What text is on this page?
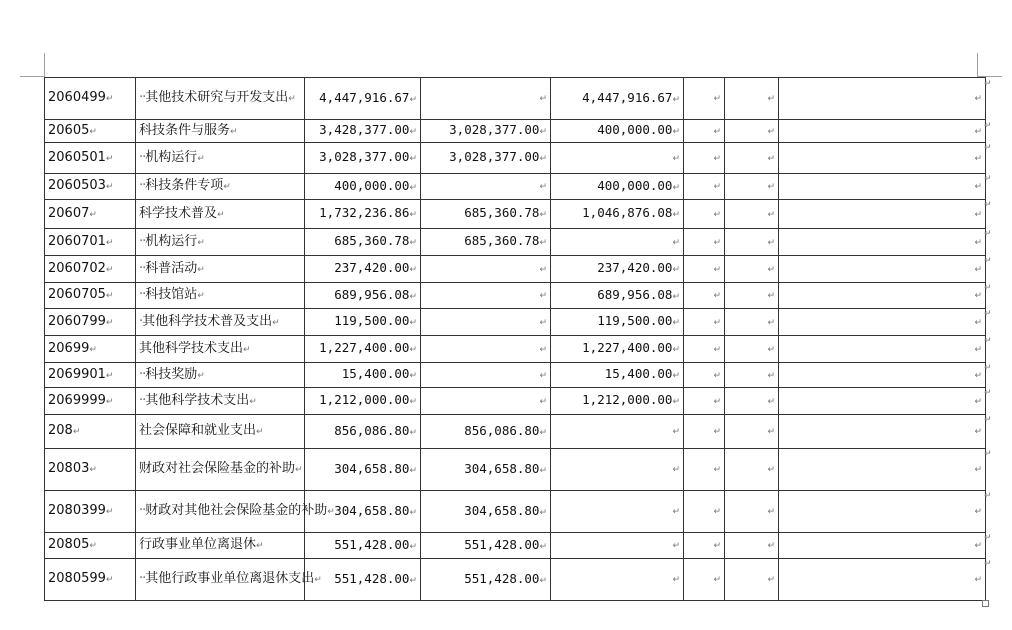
2060499↵	··其他技术研究与开发支出↵	4,447,916.67↵	↵	4,447,916.67↵	↵	↵	↵
20605↵	科技条件与服务↵	3,428,377.00↵	3,028,377.00↵	400,000.00↵	↵	↵	↵
2060501↵	··机构运行↵	3,028,377.00↵	3,028,377.00↵	↵	↵	↵	↵
2060503↵	··科技条件专项↵	400,000.00↵	↵	400,000.00↵	↵	↵	↵
20607↵	科学技术普及↵	1,732,236.86↵	685,360.78↵	1,046,876.08↵	↵	↵	↵
2060701↵	··机构运行↵	685,360.78↵	685,360.78↵	↵	↵	↵	↵
2060702↵	··科普活动↵	237,420.00↵	↵	237,420.00↵	↵	↵	↵
2060705↵	··科技馆站↵	689,956.08↵	↵	689,956.08↵	↵	↵	↵
2060799↵	·其他科学技术普及支出↵	119,500.00↵	↵	119,500.00↵	↵	↵	↵
20699↵	其他科学技术支出↵	1,227,400.00↵	↵	1,227,400.00↵	↵	↵	↵
2069901↵	··科技奖励↵	15,400.00↵	↵	15,400.00↵	↵	↵	↵
2069999↵	··其他科学技术支出↵	1,212,000.00↵	↵	1,212,000.00↵	↵	↵	↵
208↵	社会保障和就业支出↵	856,086.80↵	856,086.80↵	↵	↵	↵	↵
20803↵	财政对社会保险基金的补助↵	304,658.80↵	304,658.80↵	↵	↵	↵	↵
2080399↵	··财政对其他社会保险基金的补助↵	304,658.80↵	304,658.80↵	↵	↵	↵	↵
20805↵	行政事业单位离退休↵	551,428.00↵	551,428.00↵	↵	↵	↵	↵
2080599↵	··其他行政事业单位离退休支出↵	551,428.00↵	551,428.00↵	↵	↵	↵	↵
↵
↵
↵
↵
↵
↵
↵
↵
↵
↵
↵
↵
↵
↵
↵
↵
↵
